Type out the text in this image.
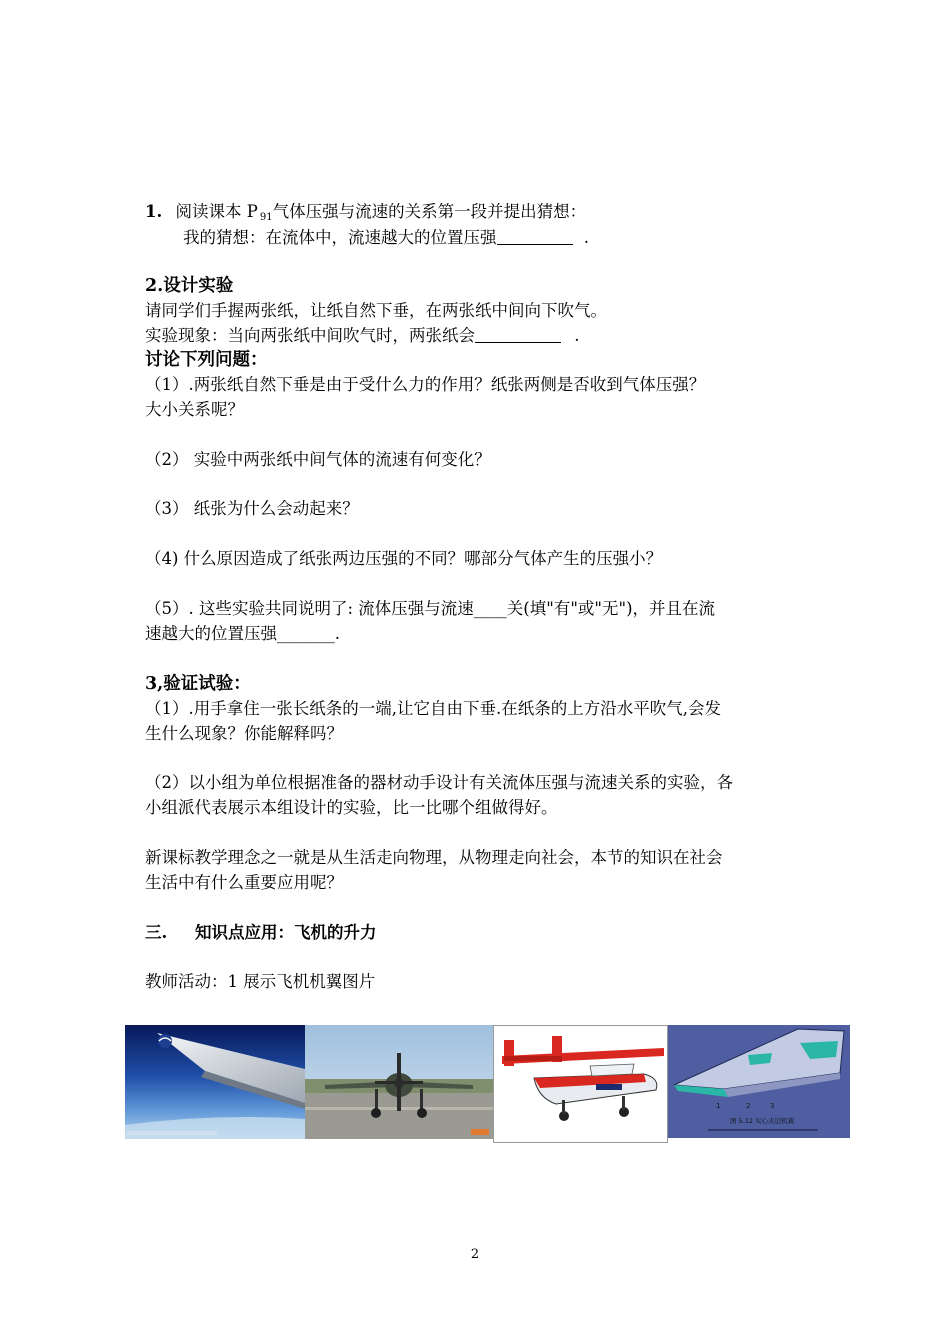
1. 阅读课本 P $_{91}$气体压强与流速的关系第一段并提出猜想：
我的猜想：在流体中，流速越大的位置压强	.
2.设计实验
请同学们手握两张纸，让纸自然下垂，在两张纸中间向下吹气。
实验现象：当向两张纸中间吹气时，两张纸会	.
讨论下列问题：
（1）.两张纸自然下垂是由于受什么力的作用？纸张两侧是否收到气体压强？
大小关系呢？
（2） 实验中两张纸中间气体的流速有何变化？
（3） 纸张为什么会动起来？
（4) 什么原因造成了纸张两边压强的不同？哪部分气体产生的压强小？
（5）. 这些实验共同说明了: 流体压强与流速____关(填"有"或"无")，并且在流
速越大的位置压强_______.
3,验证试验：
（1）.用手拿住一张长纸条的一端,让它自由下垂.在纸条的上方沿水平吹气,会发
生什么现象？你能解释吗？
（2）以小组为单位根据准备的器材动手设计有关流体压强与流速关系的实验，各
小组派代表展示本组设计的实验，比一比哪个组做得好。
新课标教学理念之一就是从生活走向物理，从物理走向社会，本节的知识在社会
生活中有什么重要应用呢？
三. 知识点应用：飞机的升力
教师活动：1 展示飞机机翼图片
1	2	3
图 5.12 实心夹层机翼
2
